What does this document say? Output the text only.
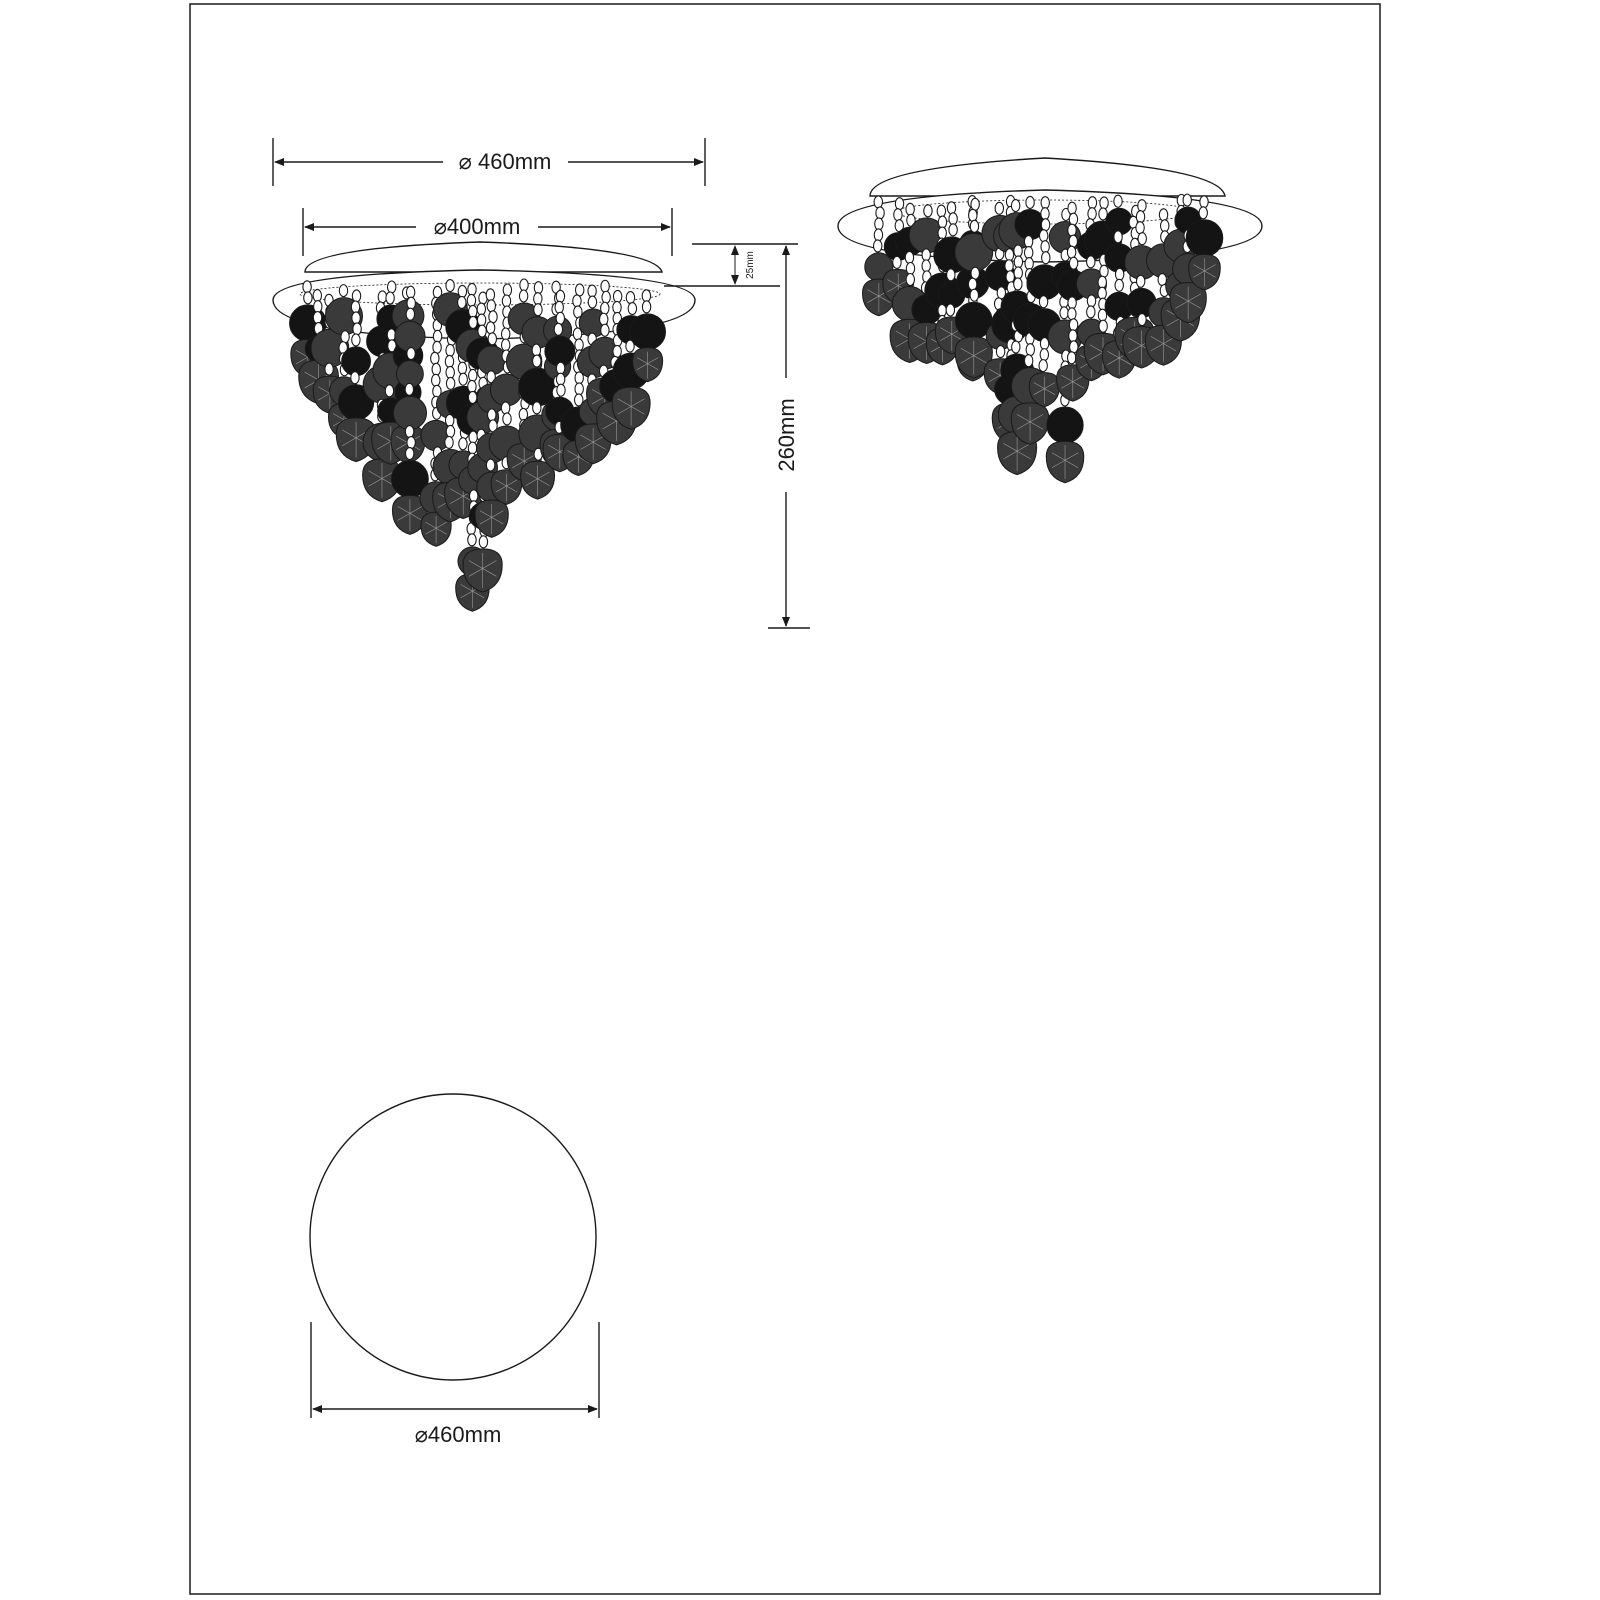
⌀ 460mm
⌀400mm
25mm
260mm
⌀460mm
